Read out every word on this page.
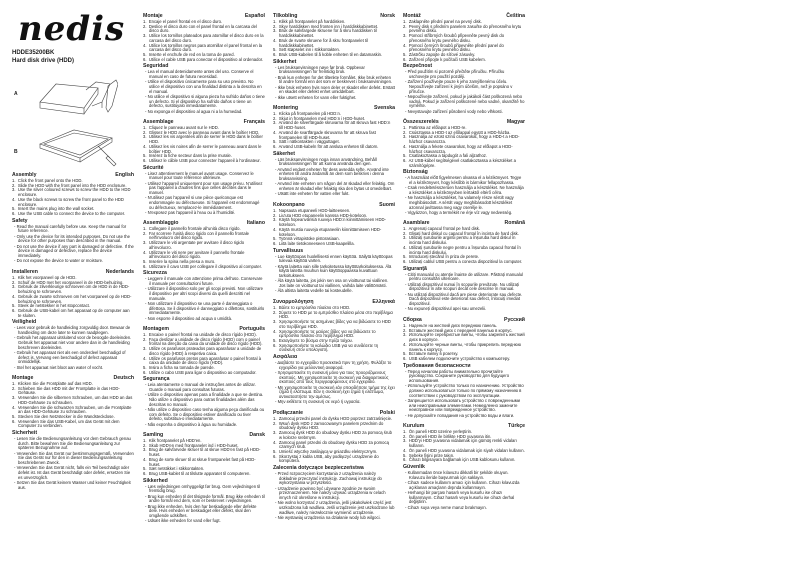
nedis
HDDE35200BK
Hard disk drive (HDD)
A
B
Assembly	English
1.  Click the front panel onto the HDD.
2.  Slide the HDD with the front panel into the HDD enclosure.
3.  Use the silver coloured screws to screw the HDD to the HDD enclosure.
4.  Use the black screws to screw the front panel to the HDD enclosure.
5.  Insert the mains plug into the wall socket.
6.  Use the USB cable to connect the device to the computer.
Safety
- Read the manual carefully before use. Keep the manual for future reference.
- Only use the device for its intended purposes. Do not use the device for other purposes than described in the manual.
- Do not use the device if any part is damaged or defective. If the device is damaged or defective, replace the device immediately.
- Do not expose the device to water or moisture.
Installeren	Nederlands
1.  Klik het voorpaneel op de HDD.
2.  Schuif de HDD met het voorpaneel in de HDD-behuizing.
3.  Gebruik de zilverkleurige schroeven om de HDD in de HDD-behuizing te schroeven.
4.  Gebruik de zwarte schroeven om het voorpaneel op de HDD-behuizing te schroeven.
5.  Steek de netstekker in het stopcontact.
6.  Gebruik de USB-kabel om het apparaat op de computer aan te sluiten.
Veiligheid
- Lees voor gebruik de handleiding zorgvuldig door. Bewaar de handleiding om deze later te kunnen raadplegen.
- Gebruik het apparaat uitsluitend voor de beoogde doeleinden. Gebruik het apparaat niet voor andere dan in de handleiding beschreven doeleinden.
- Gebruik het apparaat niet als een onderdeel beschadigd of defect is. Vervang een beschadigd of defect apparaat onmiddellijk.
- Stel het apparaat niet bloot aan water of vocht.
Montage	Deutsch
1.  Klicken Sie die Frontplatte auf das HDD.
2.  Schieben Sie das HDD mit der Frontplatte in das HDD-Gehäuse.
3.  Verwenden Sie die silbernen Schrauben, um das HDD an das HDD-Gehäuse zu schrauben.
4.  Verwenden Sie die schwarzen Schrauben, um die Frontplatte an das HDD-Gehäuse zu schrauben.
5.  Stecken Sie den Netzstecker in die Wandsteckdose.
6.  Verwenden Sie das USB-Kabel, um das Gerät mit dem Computer zu verbinden.
Sicherheit
- Lesen Sie die Bedienungsanleitung vor dem Gebrauch genau durch. Bitte bewahren Sie die Bedienungsanleitung zur späteren Bezugnahme auf.
- Verwenden Sie das Gerät nur bestimmungsgemäß. Verwenden Sie das Gerät nur für den in dieser Bedienungsanleitung beschriebenen Zweck.
- Verwenden Sie das Gerät nicht, falls ein Teil beschädigt oder defekt ist. Ist das Gerät beschädigt oder defekt, ersetzen Sie es unverzüglich.
- Setzen Sie das Gerät keinem Wasser und keiner Feuchtigkeit aus.
Montaje	Español
1.  Encaje el panel frontal en el disco duro.
2.  Deslice el disco duro con el panel frontal en la carcasa del disco duro.
3.  Utilice los tornillos plateados para atornillar el disco duro en la carcasa del disco duro.
4.  Utilice los tornillos negros para atornillar el panel frontal en la carcasa del disco duro.
5.  Inserte el enchufe de red en la toma de pared.
6.  Utilice el cable USB para conectar el dispositivo al ordenador.
Seguridad
- Lea el manual detenidamente antes del uso. Conserve el manual en caso de futura necesidad.
- Utilice el dispositivo únicamente para su uso previsto. No utilice el dispositivo con una finalidad distinta a la descrita en el manual.
- No utilice el dispositivo si alguna pieza ha sufrido daños o tiene un defecto. Si el dispositivo ha sufrido daños o tiene un defecto, sustitúyalo inmediatamente.
- No exponga el dispositivo al agua ni a la humedad.
Assemblage	Français
1.  Cliquez le panneau avant sur le HDD.
2.  Glissez le HDD avec le panneau avant dans le boîtier HDD.
3.  Utilisez les vis argentées afin de serrer le HDD dans le boîtier HDD.
4.  Utilisez les vis noires afin de serrer le panneau avant dans le boîtier HDD.
5.  Insérez la fiche secteur dans la prise murale.
6.  Utilisez le câble USB pour connecter l'appareil à l'ordinateur.
Sécurité
- Lisez attentivement le manuel avant usage. Conservez le manuel pour toute référence ultérieure.
- Utilisez l'appareil uniquement pour son usage prévu. N'utilisez pas l'appareil à d'autres fins que celles décrites dans le manuel.
- N'utilisez pas l'appareil si une pièce quelconque est endommagée ou défectueuse. Si l'appareil est endommagé ou défectueux, remplacez-le immédiatement.
- N'exposez pas l'appareil à l'eau ou à l'humidité.
Assemblaggio	Italiano
1.  Collegare il pannello frontale all'unità disco rigido.
2.  Far scorrere l'unità disco rigido con il pannello frontale nell'involucro del disco rigido.
3.  Utilizzare le viti argentate per avvitare il disco rigido all'involucro.
4.  Utilizzare le viti nere per avvitare il pannello frontale all'involucro del disco rigido.
5.  Inserire la spina nella presa a muro.
6.  Utilizzare il cavo USB per collegare il dispositivo al computer.
Sicurezza
- Leggere il manuale con attenzione prima dell'uso. Conservare il manuale per consultazioni future.
- Utilizzare il dispositivo solo per gli scopi previsti. Non utilizzare il dispositivo per altri scopi diversi da quelli descritti nel manuale.
- Non utilizzare il dispositivo se una parte è danneggiata o difettosa. Se il dispositivo è danneggiato o difettoso, sostituirlo immediatamente.
- Non esporre il dispositivo ad acqua o umidità.
Montagem	Português
1.  Encaixe o painel frontal na unidade de disco rígido (HDD).
2.  Faça deslizar a unidade de disco rígido (HDD) com o painel frontal na direção da caixa da unidade de disco rígido (HDD).
3.  Utilize os parafusos prateados para aparafusar a unidade de disco rígido (HDD) à respetiva caixa.
4.  Utilize os parafusos pretos para aparafusar o painel frontal à caixa da unidade de disco rígido (HDD).
5.  Insira a ficha na tomada de parede.
6.  Utilize o cabo USB para ligar o dispositivo ao computador.
Segurança
- Leia atentamente o manual de instruções antes de utilizar. Guarde o manual para consultas futuras.
- Utilize o dispositivo apenas para a finalidade a que se destina. Não utilize o dispositivo para outras finalidades além das descritas no manual.
- Não utilize o dispositivo caso tenha alguma peça danificada ou com defeito. Se o dispositivo estiver danificado ou tiver defeito, substitua-o imediatamente.
- Não exponha o dispositivo à água ou humidade.
Samling	Dansk
1.  Klik frontpanelet på HDD'en.
2.  Skub HDD'en med frontpanelet ind i HDD-huset.
3.  Brug de sølvfarvede skruer til at skrue HDD'en fast på HDD-huset.
4.  Brug de sorte skruer til at skrue frontpanelet fast på HDD-huset.
5.  Sæt netstikket i stikkontakten.
6.  Brug USB-kablet til at tilslutte apparatet til computeren.
Sikkerhed
- Læs vejledningen omhyggeligt før brug. Gem vejledningen til fremtidig brug.
- Brug kun enheden til det tilsigtede formål. Brug ikke enheden til andre formål end dem, som er beskrevet i vejledningen.
- Brug ikke enheden, hvis den har beskadigede eller defekte dele. Hvis enheden er beskadiget eller defekt, skal den omgående udskiftes.
- Udsæt ikke enheden for vand eller fugt.
Tilkobling	Norsk
1.  Klikk på frontpanelet på harddisken.
2.  Skyv harddisken med fronten inn i harddiskkabinettet.
3.  Bruk de sølvfargede skruene for å skru harddisken til harddiskkabinettet.
4.  Bruk de svarte skruene for å skru frontpanelet til harddiskkabinettet.
5.  Sett støpselet inn i stikkontakten.
6.  Bruk USB-kabelen til å koble enheten til en datamaskin.
Sikkerhet
- Les bruksanvisningen nøye før bruk. Oppbevar bruksanvisningen for fremtidig bruk.
- Bruk kun enheten for det tiltenkte formålet. Ikke bruk enheten til andre formål enn det som er beskrevet i bruksanvisningen.
- Ikke bruk enheten hvis noen deler er skadet eller defekt. Erstatt en skadet eller defekt enhet umiddelbart.
- Ikke utsett enheten for vann eller fuktighet.
Montering	Svenska
1.  Klicka på frontpanelen på HDD:n.
2.  Skjut in frontpanelen med HDD:n i HDD-huset.
3.  Använd de silverfärgade skruvarna för att skruva fast HDD:n till HDD-huset.
4.  Använd de svartfärgade skruvarna för att skruva fast frontpanelen till HDD-huset.
5.  Sätt i nätkontakten i vägguttaget.
6.  Använd USB-kabeln för att ansluta enheten till datorn.
Säkerhet
- Läs bruksanvisningen noga innan användning. Behåll bruksanvisningen för att kunna använda den igen.
- Använd endast enheten för dess avsedda syfte. Använd inte enheten till andra ändamål än dem som beskrivs i denna bruksanvisning.
- Använd inte enheten om någon del är skadad eller felaktig. Om enheten är skadad eller felaktig ska den bytas ut omedelbart.
- Utsätt inte enheten för vatten eller fukt.
Kokoonpano	Suomi
1.  Napsauta etupaneeli HDD-laitteeseen.
2.  Liu'uta HDD etupaneelin kanssa HDD-koteloon.
3.  Käytä hopeanvärisiä ruuveja HDD:n kiinnittämiseen HDD-koteloon.
4.  Käytä mustia ruuveja etupaneelin kiinnittämiseen HDD-koteloon.
5.  Työnnä virtapistoke pistorasiaan.
6.  Liitä laite tietokoneeseen USB-kaapelilla.
Turvallisuus
- Lue käyttöopas huolellisesti ennen käyttöä. Säilytä käyttöopas tulevaa käyttöä varten.
- Käytä laitetta vain sille tarkoitetussa käyttötarkoituksessa. Älä käytä laitetta muuhun kuin käyttöoppaassa kuvattuun tarkoitukseen.
- Älä käytä laitetta, jos jokin sen osa on vioittunut tai viallinen. Jos laite on vioittunut tai viallinen, vaihda laite välittömästi.
- Älä altista laitetta vedelle tai kosteudelle.
Συναρμολόγηση	Ελληνικά
1.  Βάλτε το εμπρόσθιο πλαίσιο στο HDD.
2.  Σύρετε το HDD με το εμπρόσθιο πλαίσιο μέσα στο περίβλημα HDD.
3.  Χρησιμοποιήστε τις ασημένιες βίδες για να βιδώσετε το HDD στο περίβλημα HDD.
4.  Χρησιμοποιήστε τις μαύρες βίδες για να βιδώσετε το εμπρόσθιο πλαίσιο στο περίβλημα HDD.
5.  Εισαγάγετε το βύσμα στην πρίζα τοίχου.
6.  Χρησιμοποιήστε το καλώδιο USB για να συνδέσετε τη συσκευή στον υπολογιστή.
Ασφάλεια
- Διαβάστε το εγχειρίδιο προσεκτικά πριν τη χρήση. Φυλάξτε το εγχειρίδιο για μελλοντική αναφορά.
- Χρησιμοποιείτε τη συσκευή μόνο για τους προοριζόμενους σκοπούς. Μη χρησιμοποιείτε τη συσκευή για διαφορετικούς σκοπούς από τους περιγραφόμενους στο εγχειρίδιο.
- Μη χρησιμοποιείτε τη συσκευή εάν οποιοδήποτε τμήμα της έχει ζημιά ή ελάττωμα. Εάν η συσκευή έχει ζημιά ή ελάττωμα, αντικαταστήστε την αμέσως.
- Μην εκθέτετε τη συσκευή σε νερό ή υγρασία.
Podłączanie	Polski
1.  Zamocuj przedni panel do dysku HDD poprzez zatrzaśnięcie.
2.  Wsuń dysk HDD z zamocowanym panelem przednim do obudowy dysku HDD.
3.  Zamocuj dysk HDD do obudowy dysku HDD za pomocą śrub w kolorze srebrnym.
4.  Zamocuj panel przedni do obudowy dysku HDD za pomocą czarnych śrub.
5.  Umieść wtyczkę zasilającą w gniazdku elektrycznym.
6.  Skorzystaj z kabla USB, aby podłączyć urządzenie do komputera.
Zalecenia dotyczące bezpieczeństwa
- Przed rozpoczęciem korzystania z urządzenia należy dokładnie przeczytać instrukcję. Zachowaj instrukcję do wykorzystania w przyszłości.
- Urządzenie powinno być używane zgodnie ze swoim przeznaczeniem. Nie należy używać urządzenia w celach innych niż określone w instrukcji.
- Nie wolno korzystać z urządzenia, jeśli jakakolwiek część jest uszkodzona lub wadliwa. Jeśli urządzenie jest uszkodzone lub wadliwe, należy niezwłocznie wymienić urządzenie.
- Nie wystawiaj urządzenia na działanie wody lub wilgoci.
Montáž	Čeština
1.  Zaklapněte přední panel na pevný disk.
2.  Pevný disk s předním panelem zasuňte do přenosného krytu pevného disku.
3.  Pomocí stříbrných šroubů připevněte pevný disk do přenosného krytu pevného disku.
4.  Pomocí černých šroubů připevněte přední panel do přenosného krytu pevného disku.
5.  Zástrčku zapojte do síťové zásuvky.
6.  Zařízení připojte k počítači USB kabelem.
Bezpečnost
- Před použitím si pozorně přečtěte příručku. Příručku uschovejte pro použití později.
- Zařízení používejte pouze k jeho zamýšlenému účelu. Nepoužívejte zařízení k jiným účelům, než je popsáno v příručce.
- Nepoužívejte zařízení, pokud je jakákoli část poškozená nebo vadná. Pokud je zařízení poškozené nebo vadné, okamžitě ho vyměňte.
- Nevystavujte zařízení působení vody nebo vlhkosti.
Összeszerelés	Magyar
1.  Pattintsa az előlapot a HDD-re.
2.  Csúsztassa a HDD-t az előlappal együtt a HDD-házba.
3.  Használja az ezüst színű csavarokat, hogy a HDD-t a HDD-házhoz csavarozza.
4.  Használja a fekete csavarokat, hogy az előlapot a HDD-házhoz csavarozza.
5.  Csatlakoztassa a tápdugót a fali aljzathoz.
6.  Az USB-kábel segítségével csatlakoztassa a készüléket a számítógépre.
Biztonság
- A használat előtt figyelmesen olvassa el a kézikönyvet. Tegye el a kézikönyvet, hogy később is bármikor fellapozhassa.
- Csak rendeltetésszerűen használja a készüléket. Ne használja a készüléket a kézikönyvben leírtaktól eltérő célra.
- Ne használja a készüléket, ha valamely része sérült vagy meghibásodott. A sérült vagy meghibásodott készüléket azonnal javíttassa meg vagy cserélje le.
- Vigyázzon, hogy a termékét ne érje víz vagy nedvesség.
Asamblare	Română
1.  Angrenați capacul frontal pe hard disk.
2.  Glisați hard diskul cu capacul frontal în incinta de hard disk.
3.  Utilizați șuruburile argintii pentru a înșuruba hard diskul în incinta hard diskului.
4.  Utilizați șuruburile negre pentru a înșuruba capacul frontal în incinta hard diskului.
5.  Introduceți ștecărul în priza de perete.
6.  Utilizați cablul USB pentru a conecta dispozitivul la computer.
Siguranță
- Citiți manualul cu atenție înainte de utilizare. Păstrați manualul pentru consultări ulterioare.
- Utilizați dispozitivul numai în scopurile prevăzute. Nu utilizați dispozitivul în alte scopuri decât cele descrise în manual.
- Nu utilizați dispozitivul dacă are piese deteriorate sau defecte. Dacă dispozitivul este deteriorat sau defect, înlocuiți imediat dispozitivul.
- Nu expuneți dispozitivul apei sau umezelii.
Сборка	Русский
1.  Наденьте на жесткий диск переднюю панель.
2.  Вставьте жесткий диск с передней панелью в корпус.
3.  Используйте серебристые винты, чтобы закрепить жесткий диск в корпусе.
4.  Используйте черные винты, чтобы прикрепить переднюю панель к корпусу.
5.  Вставьте вилку в розетку.
6.  USB кабелем подключите устройство к компьютеру.
Требования безопасности
- Перед началом работы внимательно прочитайте руководство. Сохраните руководство для будущего использования.
- Используйте устройство только по назначению. Устройство должно использоваться только по прямому назначению в соответствии с руководством по эксплуатации.
- Запрещается использовать устройство с поврежденными или неисправными элементами. Немедленно замените неисправное или поврежденное устройство.
- Не допускайте попадания на устройство воды и влаги.
Kurulum	Türkçe
1.  Ön paneli HDD üzerine yerleştirin.
2.  Ön paneli HDD ile birlikte HDD yuvasına itin.
3.  HDD'yi HDD yuvasına vidalamak için gümüş renkli vidaları kullanın.
4.  Ön paneli HDD yuvasına vidalamak için siyah vidaları kullanın.
5.  Şebeke fişini prize takın.
6.  Cihazı bilgisayara bağlamak için USB kablosunu kullanın.
Güvenlik
- Kullanmadan önce kılavuzu dikkatli bir şekilde okuyun. Kılavuzu ileride başvurmak için saklayın.
- Cihazı sadece kullanım amacı için kullanın. Cihazı kılavuzda açıklanan amaçların dışında kullanmayın.
- Herhangi bir parçası hasarlı veya kusurlu ise cihazı kullanmayın. Cihaz hasarlı veya kusurlu ise cihazı derhal değiştirin.
- Cihazı suya veya neme maruz bırakmayın.
